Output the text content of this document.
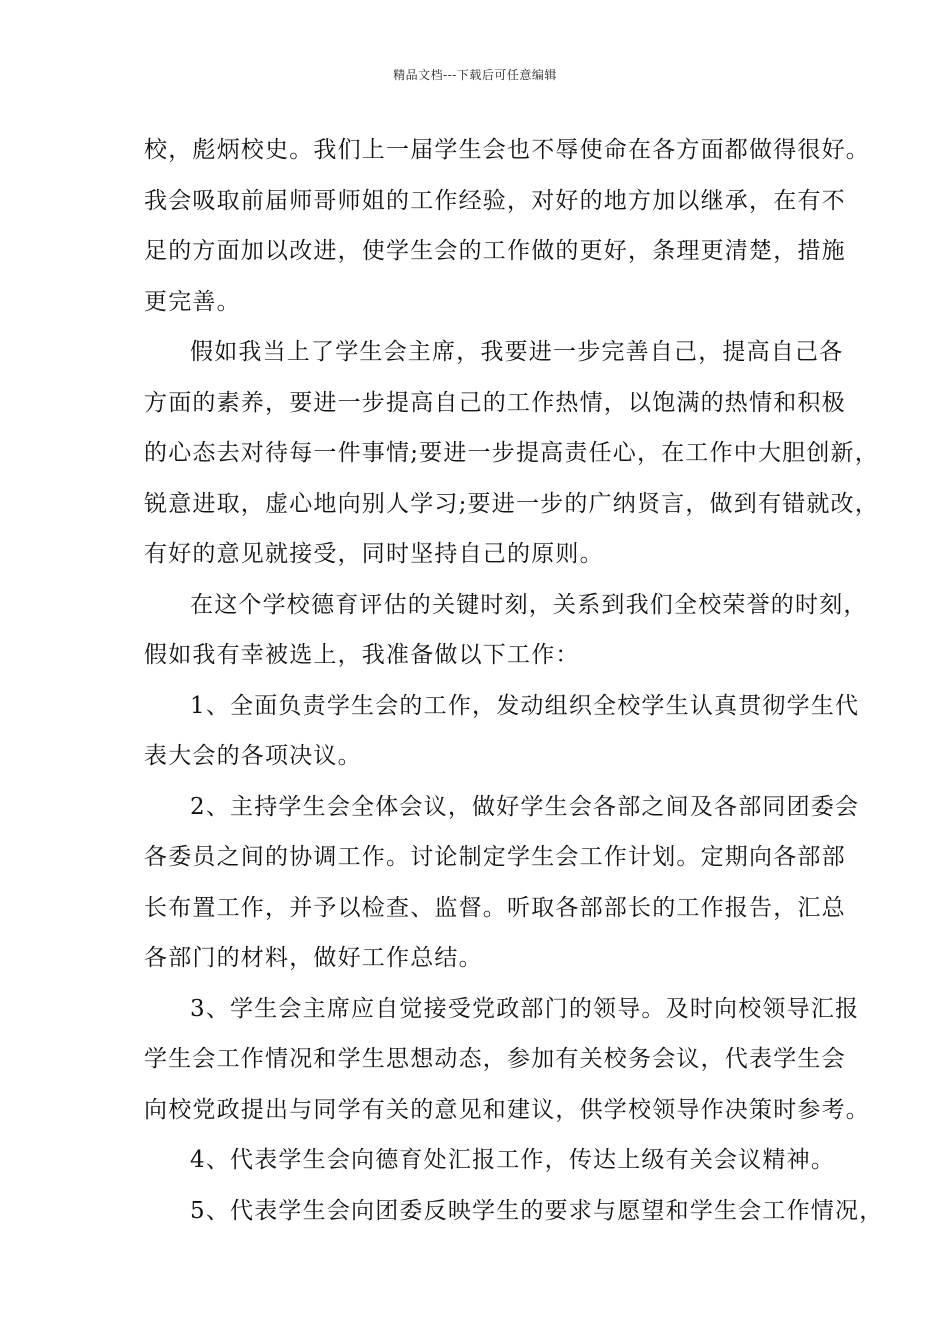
精品文档---下载后可任意编辑
校，彪炳校史。我们上一届学生会也不辱使命在各方面都做得很好。
我会吸取前届师哥师姐的工作经验，对好的地方加以继承，在有不
足的方面加以改进，使学生会的工作做的更好，条理更清楚，措施
更完善。
假如我当上了学生会主席，我要进一步完善自己，提高自己各
方面的素养，要进一步提高自己的工作热情，以饱满的热情和积极
的心态去对待每一件事情;要进一步提高责任心，在工作中大胆创新，
锐意进取，虚心地向别人学习;要进一步的广纳贤言，做到有错就改，
有好的意见就接受，同时坚持自己的原则。
在这个学校德育评估的关键时刻，关系到我们全校荣誉的时刻，
假如我有幸被选上，我准备做以下工作：
1、全面负责学生会的工作，发动组织全校学生认真贯彻学生代
表大会的各项决议。
2、主持学生会全体会议，做好学生会各部之间及各部同团委会
各委员之间的协调工作。讨论制定学生会工作计划。定期向各部部
长布置工作，并予以检查、监督。听取各部部长的工作报告，汇总
各部门的材料，做好工作总结。
3、学生会主席应自觉接受党政部门的领导。及时向校领导汇报
学生会工作情况和学生思想动态，参加有关校务会议，代表学生会
向校党政提出与同学有关的意见和建议，供学校领导作决策时参考。
4、代表学生会向德育处汇报工作，传达上级有关会议精神。
5、代表学生会向团委反映学生的要求与愿望和学生会工作情况，
